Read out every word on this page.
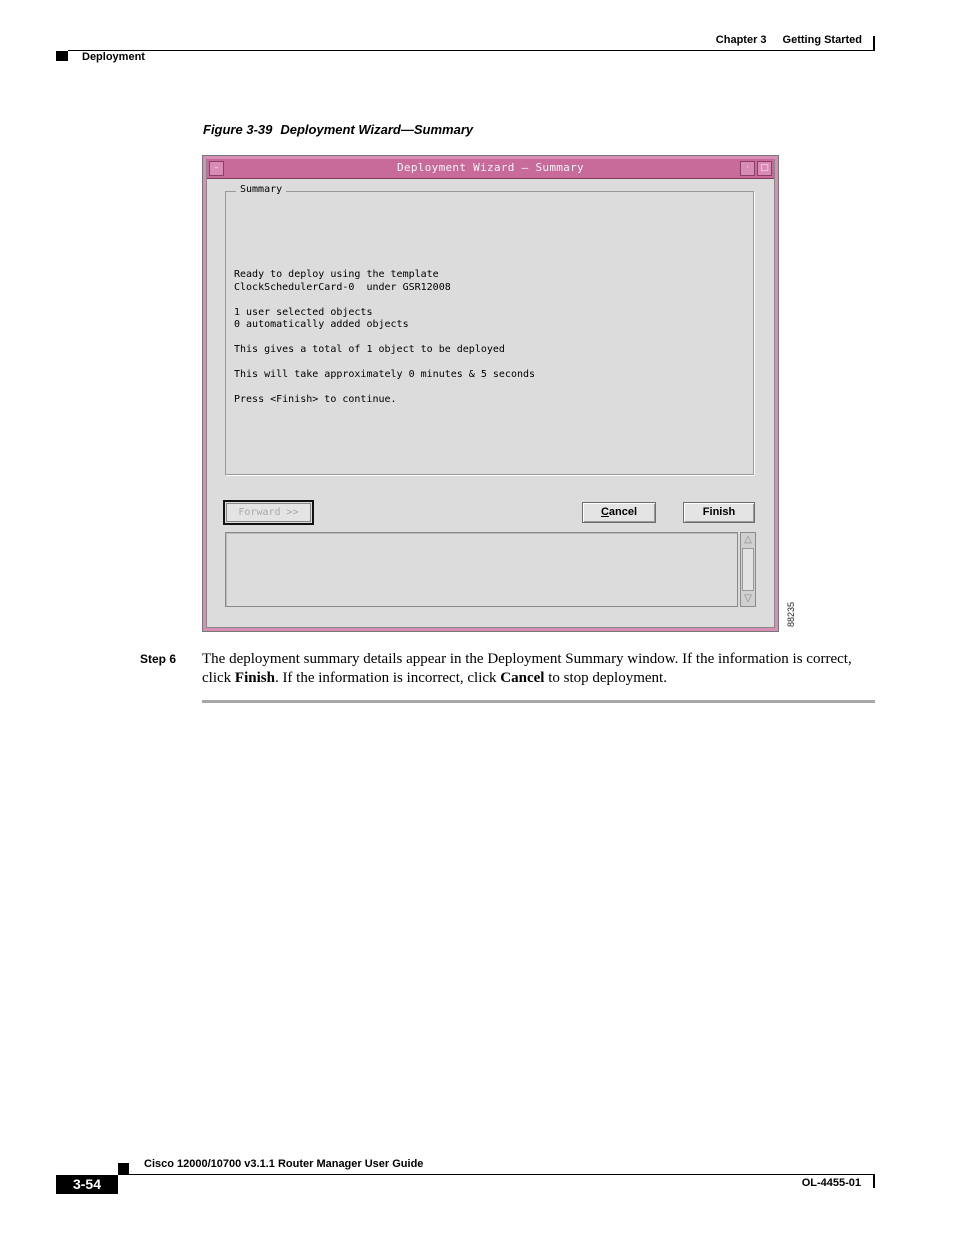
Chapter 3 Getting Started
Deployment
Figure 3-39 Deployment Wizard—Summary
–	Deployment Wizard — Summary	·	□
Summary
Ready to deploy using the template
ClockSchedulerCard-0  under GSR12008
1 user selected objects
0 automatically added objects
This gives a total of 1 object to be deployed
This will take approximately 0 minutes & 5 seconds
Press <Finish> to continue.
Forward >>	Cancel	Finish
△
▽
88235
Step 6 The deployment summary details appear in the Deployment Summary window. If the information is correct, click Finish. If the information is incorrect, click Cancel to stop deployment.
Cisco 12000/10700 v3.1.1 Router Manager User Guide
3-54	OL-4455-01
